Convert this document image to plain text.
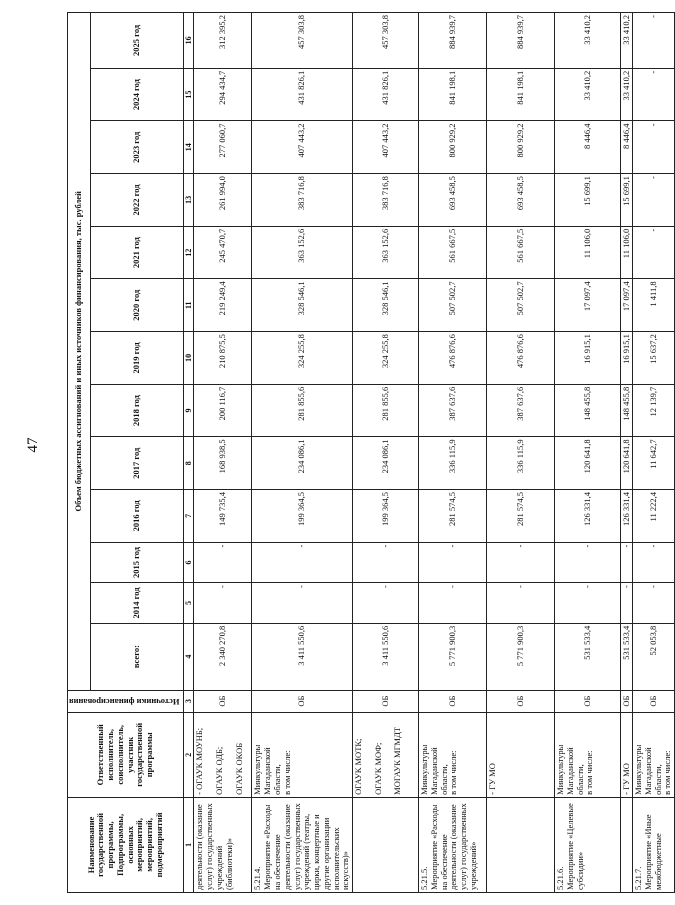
47
Наименование государственной программы, Подпрограммы, основных мероприятий, мероприятий, подмероприятий	Ответственный исполнитель, соисполнитель, участник государственной программы	Источники финансирования	Объем бюджетных ассигнований и иных источников финансирования, тыс. рублей												
			всего:	2014 год	2015 год	2016 год	2017 год	2018 год	2019 год	2020 год	2021 год	2022 год	2023 год	2024 год	2025 год
1	2	3	4	5	6	7	8	9	10	11	12	13	14	15	16
деятельности (оказание услуг) государственных учреждений (библиотеки)»	- ОГАУК МОУНБ;

ОГАУК ОДБ;

ОГАУК ОКОБ	ОБ	2 340 270,8	-	-	149 735,4	168 938,5	200 116,7	210 875,5	219 249,4	245 470,7	261 994,0	277 060,7	294 434,7	312 395,2
5.21.4.
Мероприятие «Расходы на обеспечение деятельности (оказание услуг) государственных учреждений (театры, цирки, концертные и другие организации исполнительских искусств)»	Минкультуры Магаданской области,
в том числе:	ОБ	3 411 550,6	-	-	199 364,5	234 086,1	281 855,6	324 255,8	328 546,1	363 152,6	383 716,8	407 443,2	431 826,1	457 303,8
	ОГАУК МОТК;

ОГАУК МОФ;

МОГАУК МГМДТ	ОБ	3 411 550,6	-	-	199 364,5	234 086,1	281 855,6	324 255,8	328 546,1	363 152,6	383 716,8	407 443,2	431 826,1	457 303,8
5.21.5.
Мероприятие «Расходы на обеспечение деятельности (оказание услуг) государственных учреждений»	Минкультуры Магаданской области,
в том числе:	ОБ	5 771 900,3	-	-	281 574,5	336 115,9	387 637,6	476 876,6	507 502,7	561 667,5	693 458,5	800 929,2	841 198,1	884 939,7
	- ГУ МО	ОБ	5 771 900,3	-	-	281 574,5	336 115,9	387 637,6	476 876,6	507 502,7	561 667,5	693 458,5	800 929,2	841 198,1	884 939,7
5.21.6.
Мероприятие «Целевые субсидии»	Минкультуры Магаданской области,
в том числе:	ОБ	531 533,4	-	-	126 331,4	120 641,8	148 455,8	16 915,1	17 097,4	11 106,0	15 699,1	8 446,4	33 410,2	33 410,2
	- ГУ МО	ОБ	531 533,4	-	-	126 331,4	120 641,8	148 455,8	16 915,1	17 097,4	11 106,0	15 699,1	8 446,4	33 410,2	33 410,2
5.21.7.
Мероприятие «Иные межбюджетные	Минкультуры Магаданской области,
в том числе:	ОБ	52 053,8	-	-	11 222,4	11 642,7	12 139,7	15 637,2	1 411,8	-	-	-	-	-
